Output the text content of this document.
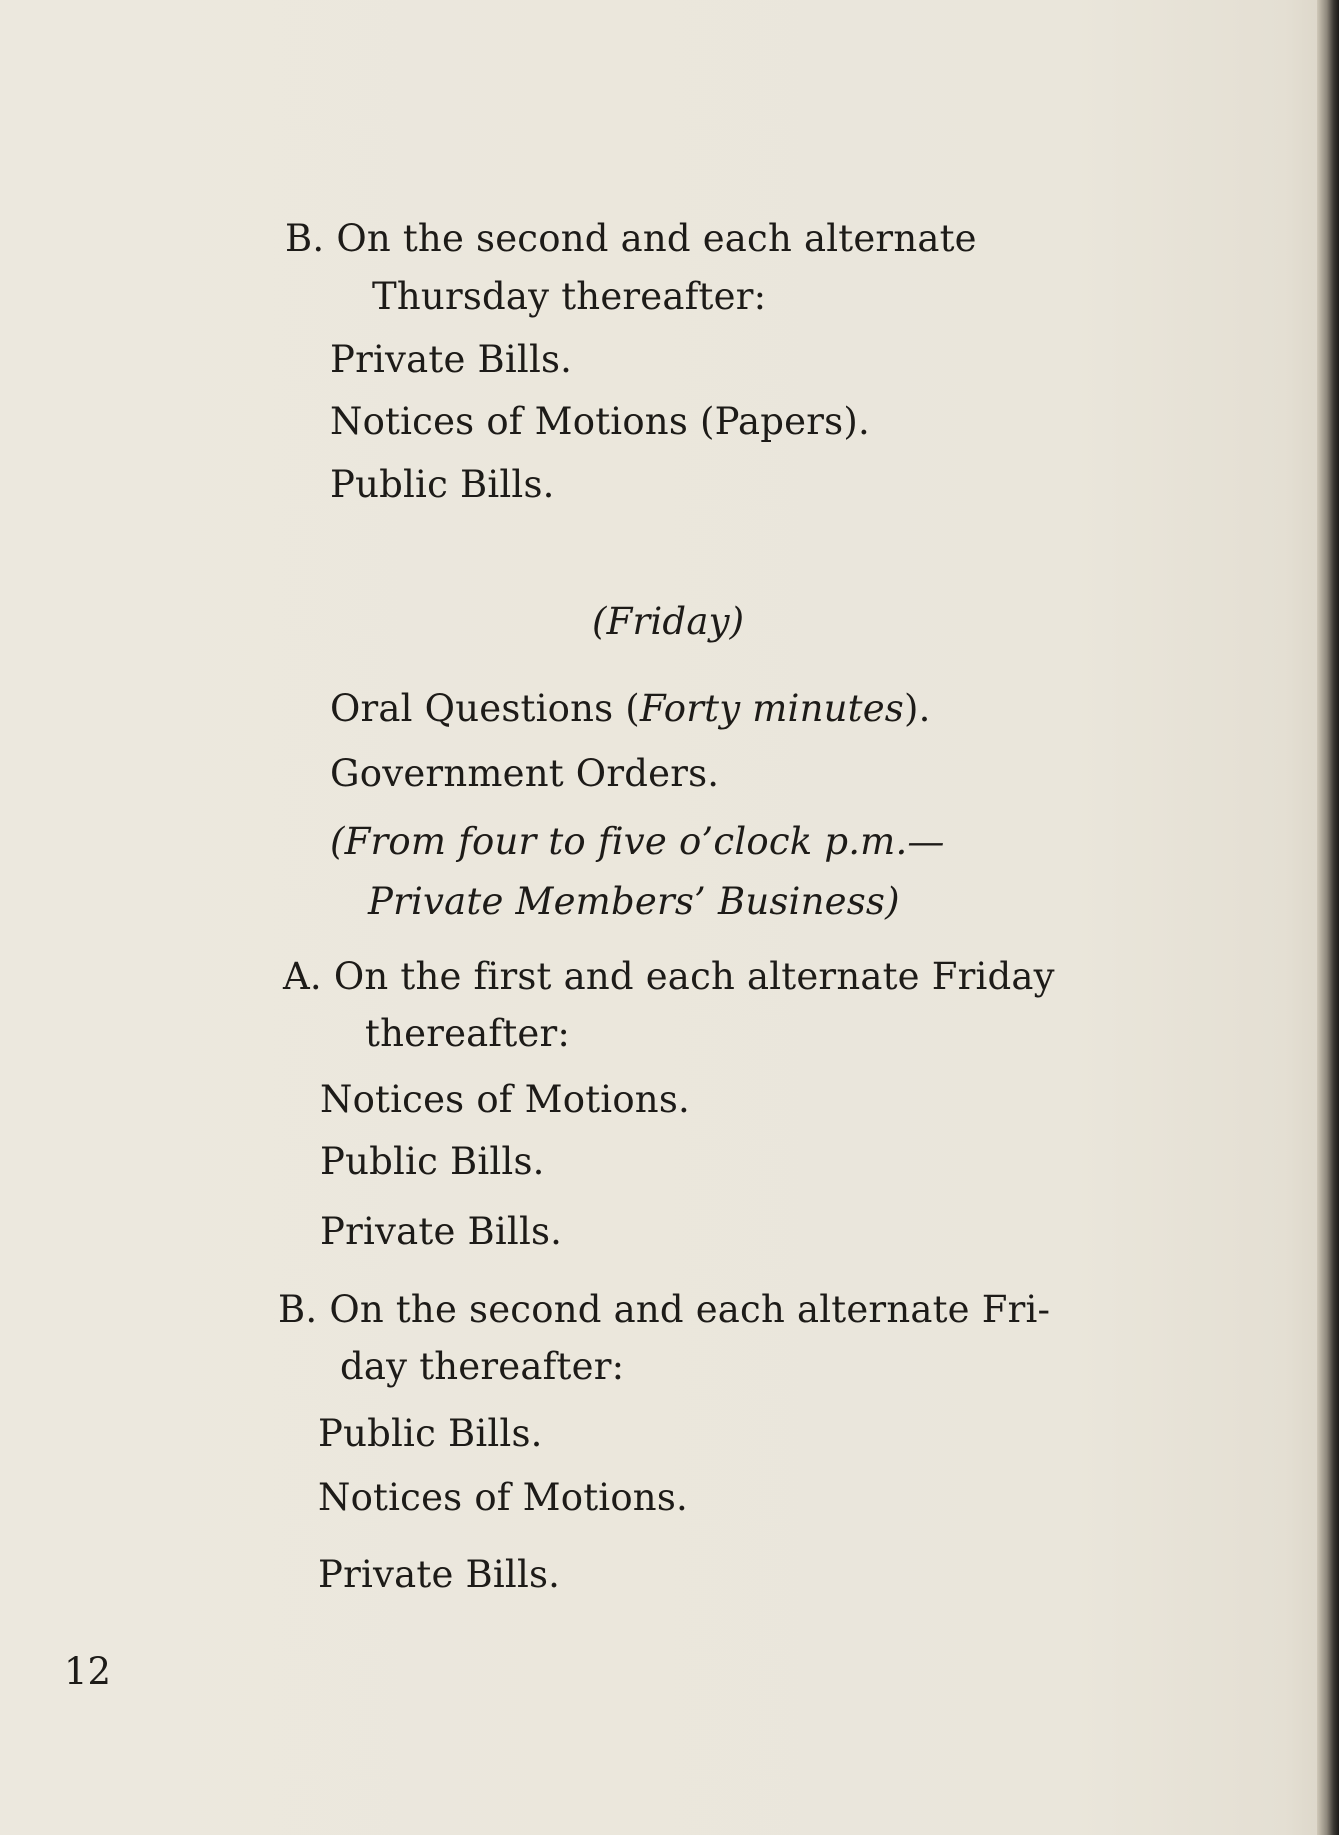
B. On the second and each alternate
Thursday thereafter:
Private Bills.
Notices of Motions (Papers).
Public Bills.
(Friday)
Oral Questions (Forty minutes).
Government Orders.
(From four to five o’clock p.m.—
Private Members’ Business)
A. On the first and each alternate Friday
thereafter:
Notices of Motions.
Public Bills.
Private Bills.
B. On the second and each alternate Fri-
day thereafter:
Public Bills.
Notices of Motions.
Private Bills.
12
